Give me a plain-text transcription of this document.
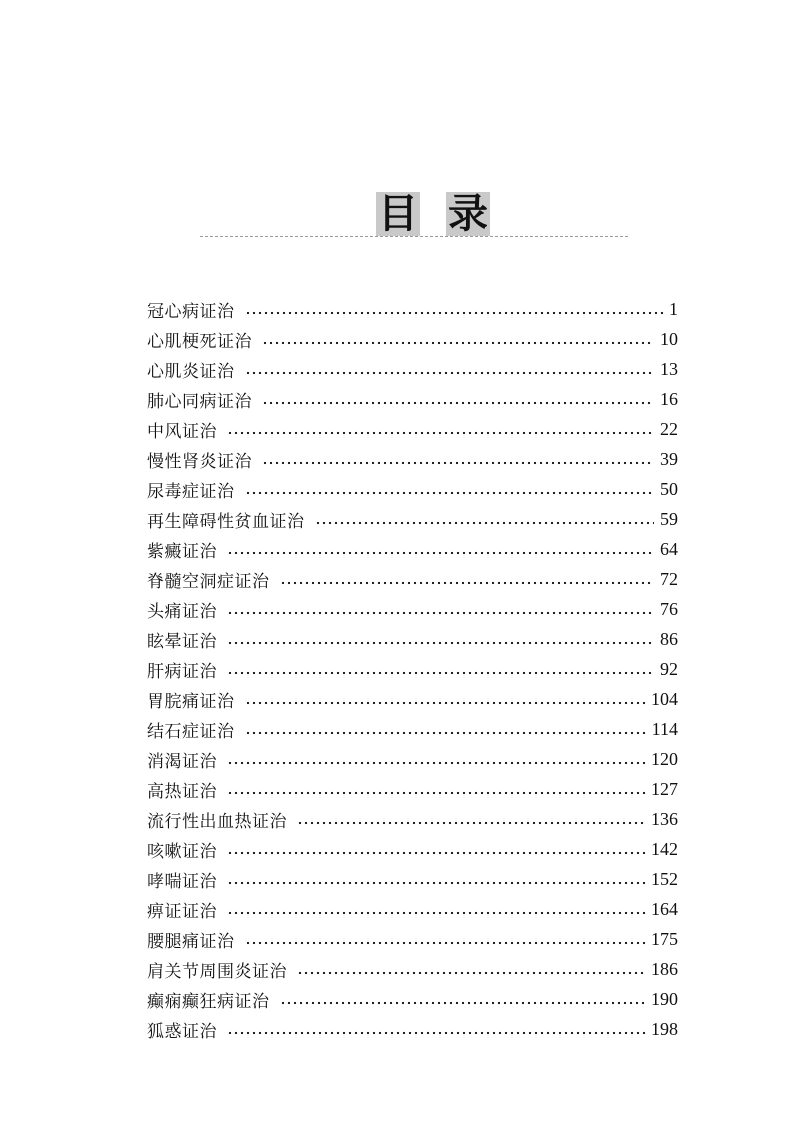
目 录
冠心病证治	1
心肌梗死证治	10
心肌炎证治	13
肺心同病证治	16
中风证治	22
慢性肾炎证治	39
尿毒症证治	50
再生障碍性贫血证治	59
紫癜证治	64
脊髓空洞症证治	72
头痛证治	76
眩晕证治	86
肝病证治	92
胃脘痛证治	104
结石症证治	114
消渴证治	120
高热证治	127
流行性出血热证治	136
咳嗽证治	142
哮喘证治	152
痹证证治	164
腰腿痛证治	175
肩关节周围炎证治	186
癫痫癫狂病证治	190
狐惑证治	198
